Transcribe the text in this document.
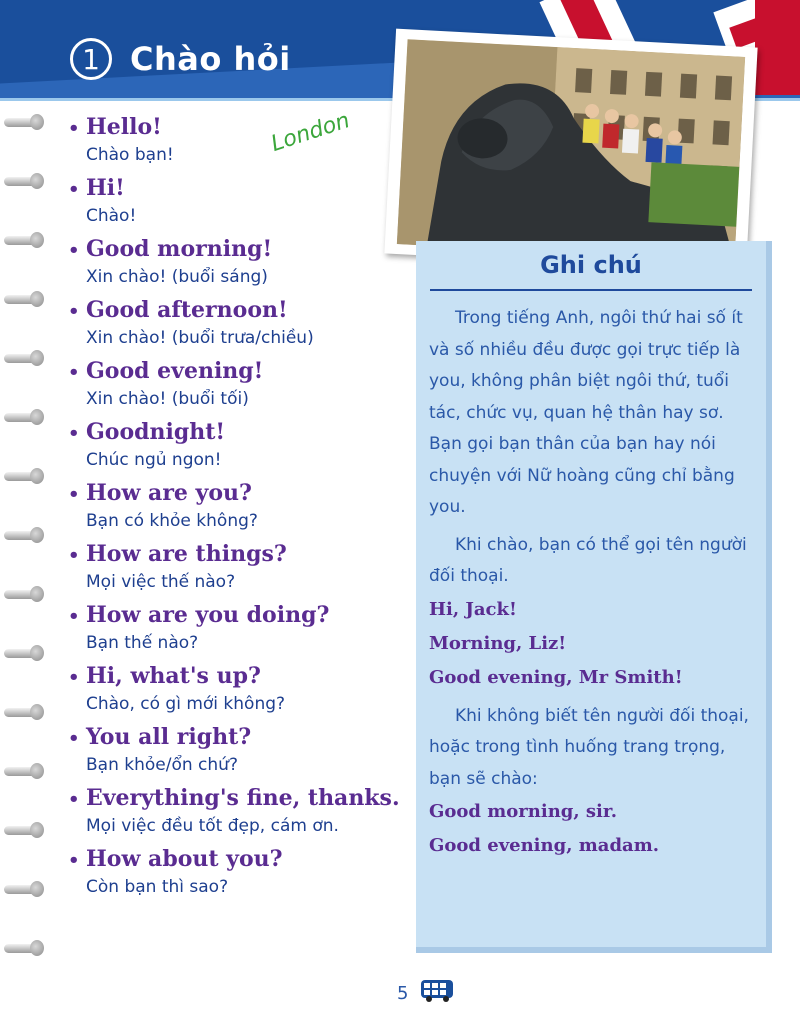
1 Chào hỏi
London
• Hello!
Chào bạn!
• Hi!
Chào!
• Good morning!
Xin chào! (buổi sáng)
• Good afternoon!
Xin chào! (buổi trưa/chiều)
• Good evening!
Xin chào! (buổi tối)
• Goodnight!
Chúc ngủ ngon!
• How are you?
Bạn có khỏe không?
• How are things?
Mọi việc thế nào?
• How are you doing?
Bạn thế nào?
• Hi, what's up?
Chào, có gì mới không?
• You all right?
Bạn khỏe/ổn chứ?
• Everything's fine, thanks.
Mọi việc đều tốt đẹp, cám ơn.
• How about you?
Còn bạn thì sao?
Ghi chú

Trong tiếng Anh, ngôi thứ hai số ít và số nhiều đều được gọi trực tiếp là you, không phân biệt ngôi thứ, tuổi tác, chức vụ, quan hệ thân hay sơ. Bạn gọi bạn thân của bạn hay nói chuyện với Nữ hoàng cũng chỉ bằng you.

Khi chào, bạn có thể gọi tên người đối thoại.

Hi, Jack!

Morning, Liz!

Good evening, Mr Smith!

Khi không biết tên người đối thoại, hoặc trong tình huống trang trọng, bạn sẽ chào:

Good morning, sir.

Good evening, madam.

5
